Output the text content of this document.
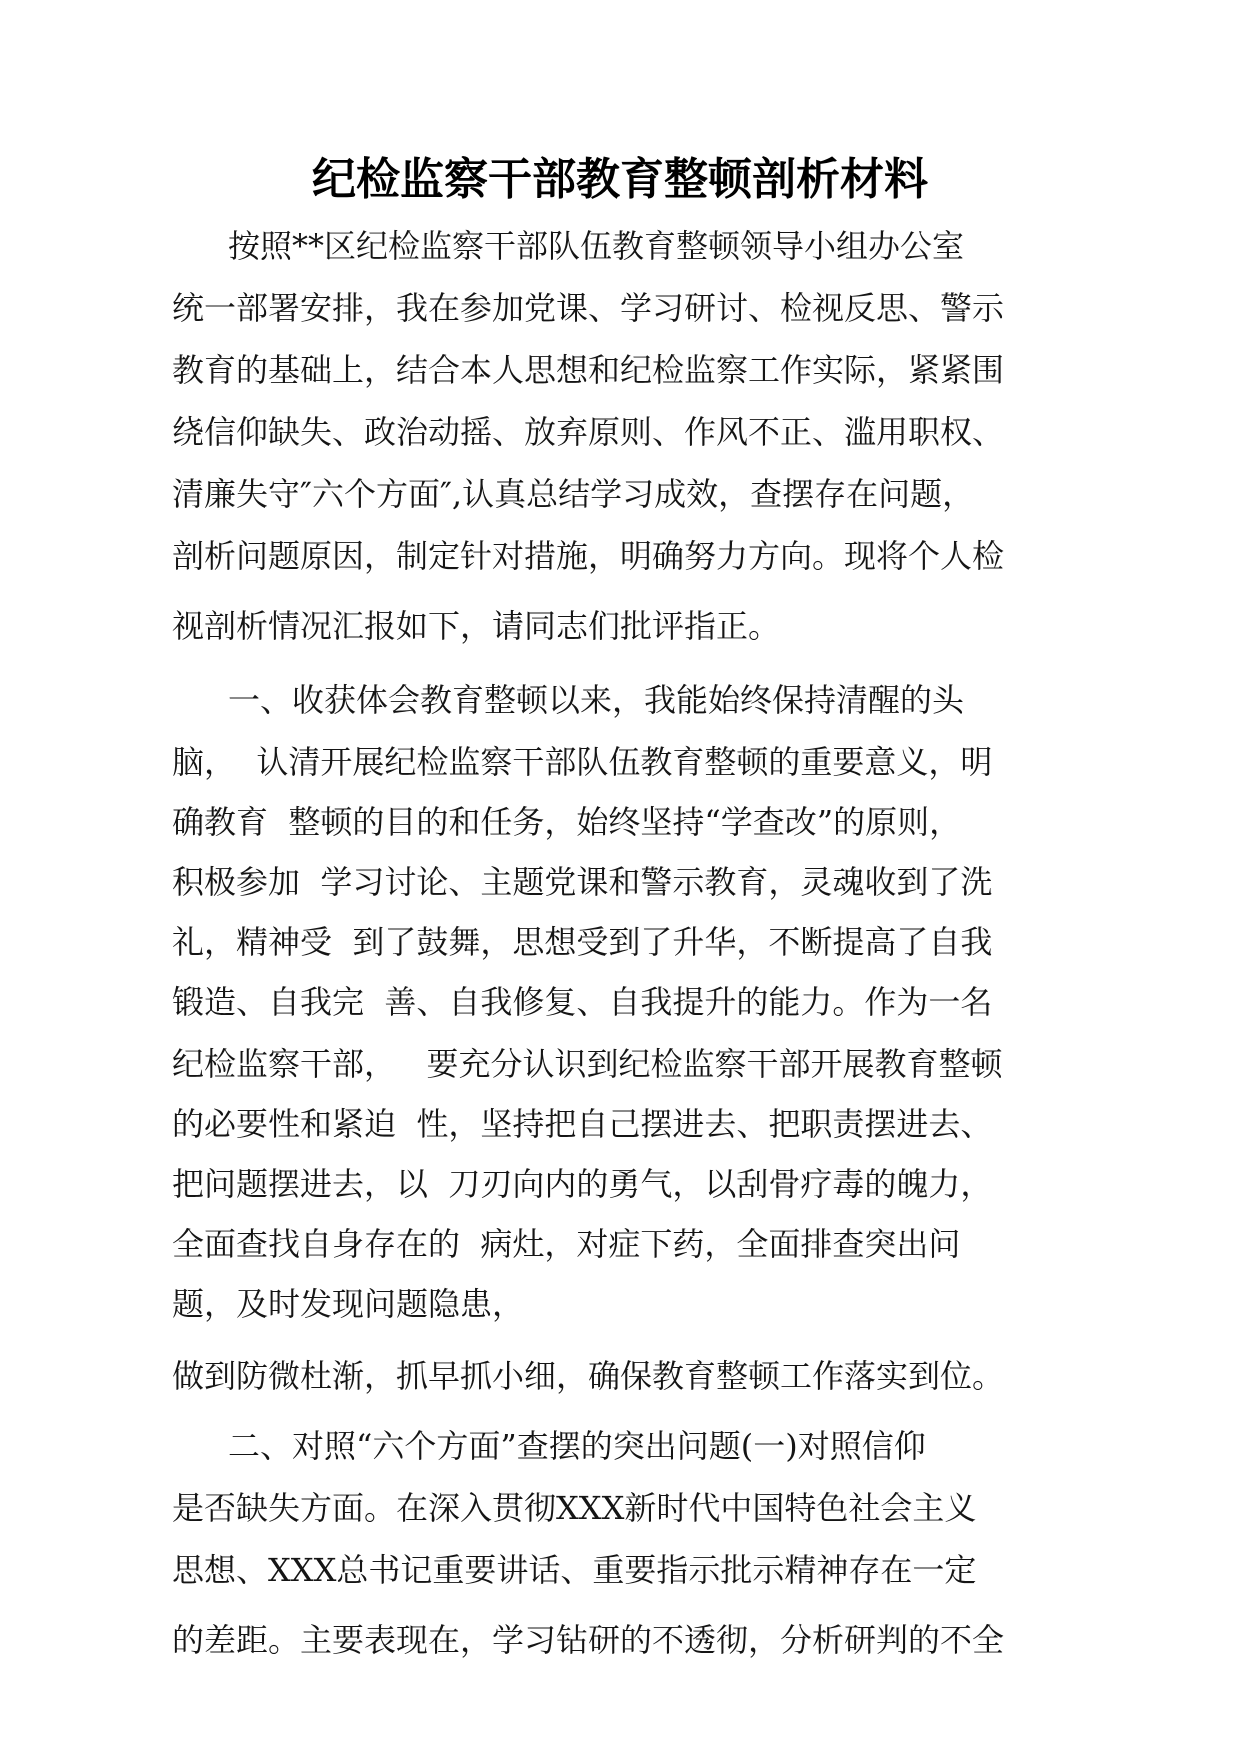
纪检监察干部教育整顿剖析材料

按照**区纪检监察干部队伍教育整顿领导小组办公室

统一部署安排，我在参加党课、学习研讨、检视反思、警示

教育的基础上，结合本人思想和纪检监察工作实际，紧紧围

绕信仰缺失、政治动摇、放弃原则、作风不正、滥用职权、

清廉失守″六个方面″,认真总结学习成效，查摆存在问题，

剖析问题原因，制定针对措施，明确努力方向。现将个人检

视剖析情况汇报如下，请同志们批评指正。

一、收获体会教育整顿以来，我能始终保持清醒的头

脑，  认清开展纪检监察干部队伍教育整顿的重要意义，明

确教育  整顿的目的和任务，始终坚持“学查改”的原则，

积极参加  学习讨论、主题党课和警示教育，灵魂收到了洗

礼，精神受  到了鼓舞，思想受到了升华，不断提高了自我

锻造、自我完  善、自我修复、自我提升的能力。作为一名

纪检监察干部，   要充分认识到纪检监察干部开展教育整顿

的必要性和紧迫  性，坚持把自己摆进去、把职责摆进去、

把问题摆进去，以  刀刃向内的勇气，以刮骨疗毒的魄力，

全面查找自身存在的  病灶，对症下药，全面排查突出问

题，及时发现问题隐患，

做到防微杜渐，抓早抓小细，确保教育整顿工作落实到位。

二、对照“六个方面”查摆的突出问题(一)对照信仰

是否缺失方面。在深入贯彻XXX新时代中国特色社会主义

思想、XXX总书记重要讲话、重要指示批示精神存在一定

的差距。主要表现在，学习钻研的不透彻，分析研判的不全
